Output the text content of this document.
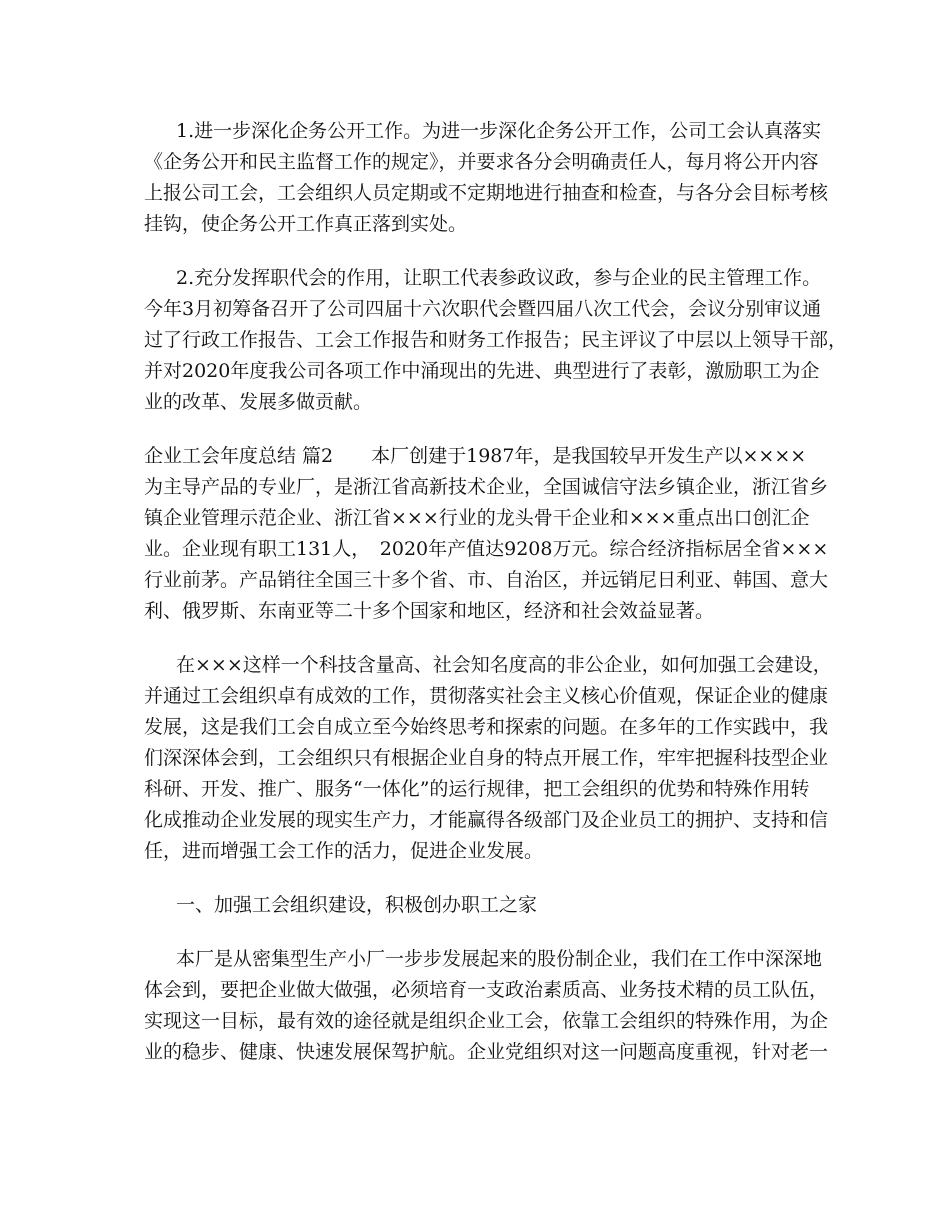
1.进一步深化企务公开工作。为进一步深化企务公开工作，公司工会认真落实
《企务公开和民主监督工作的规定》，并要求各分会明确责任人，每月将公开内容
上报公司工会，工会组织人员定期或不定期地进行抽查和检查，与各分会目标考核
挂钩，使企务公开工作真正落到实处。
2.充分发挥职代会的作用，让职工代表参政议政，参与企业的民主管理工作。
今年3月初筹备召开了公司四届十六次职代会暨四届八次工代会，会议分别审议通
过了行政工作报告、工会工作报告和财务工作报告；民主评议了中层以上领导干部，
并对2020年度我公司各项工作中涌现出的先进、典型进行了表彰，激励职工为企
业的改革、发展多做贡献。
企业工会年度总结 篇2　　本厂创建于1987年，是我国较早开发生产以××××
为主导产品的专业厂，是浙江省高新技术企业，全国诚信守法乡镇企业，浙江省乡
镇企业管理示范企业、浙江省×××行业的龙头骨干企业和×××重点出口创汇企
业。企业现有职工131人，　2020年产值达9208万元。综合经济指标居全省×××
行业前茅。产品销往全国三十多个省、市、自治区，并远销尼日利亚、韩国、意大
利、俄罗斯、东南亚等二十多个国家和地区，经济和社会效益显著。
在×××这样一个科技含量高、社会知名度高的非公企业，如何加强工会建设，
并通过工会组织卓有成效的工作，贯彻落实社会主义核心价值观，保证企业的健康
发展，这是我们工会自成立至今始终思考和探索的问题。在多年的工作实践中，我
们深深体会到，工会组织只有根据企业自身的特点开展工作，牢牢把握科技型企业
科研、开发、推广、服务“一体化”的运行规律，把工会组织的优势和特殊作用转
化成推动企业发展的现实生产力，才能赢得各级部门及企业员工的拥护、支持和信
任，进而增强工会工作的活力，促进企业发展。
一、加强工会组织建设，积极创办职工之家
本厂是从密集型生产小厂一步步发展起来的股份制企业，我们在工作中深深地
体会到，要把企业做大做强，必须培育一支政治素质高、业务技术精的员工队伍，
实现这一目标，最有效的途径就是组织企业工会，依靠工会组织的特殊作用，为企
业的稳步、健康、快速发展保驾护航。企业党组织对这一问题高度重视，针对老一
